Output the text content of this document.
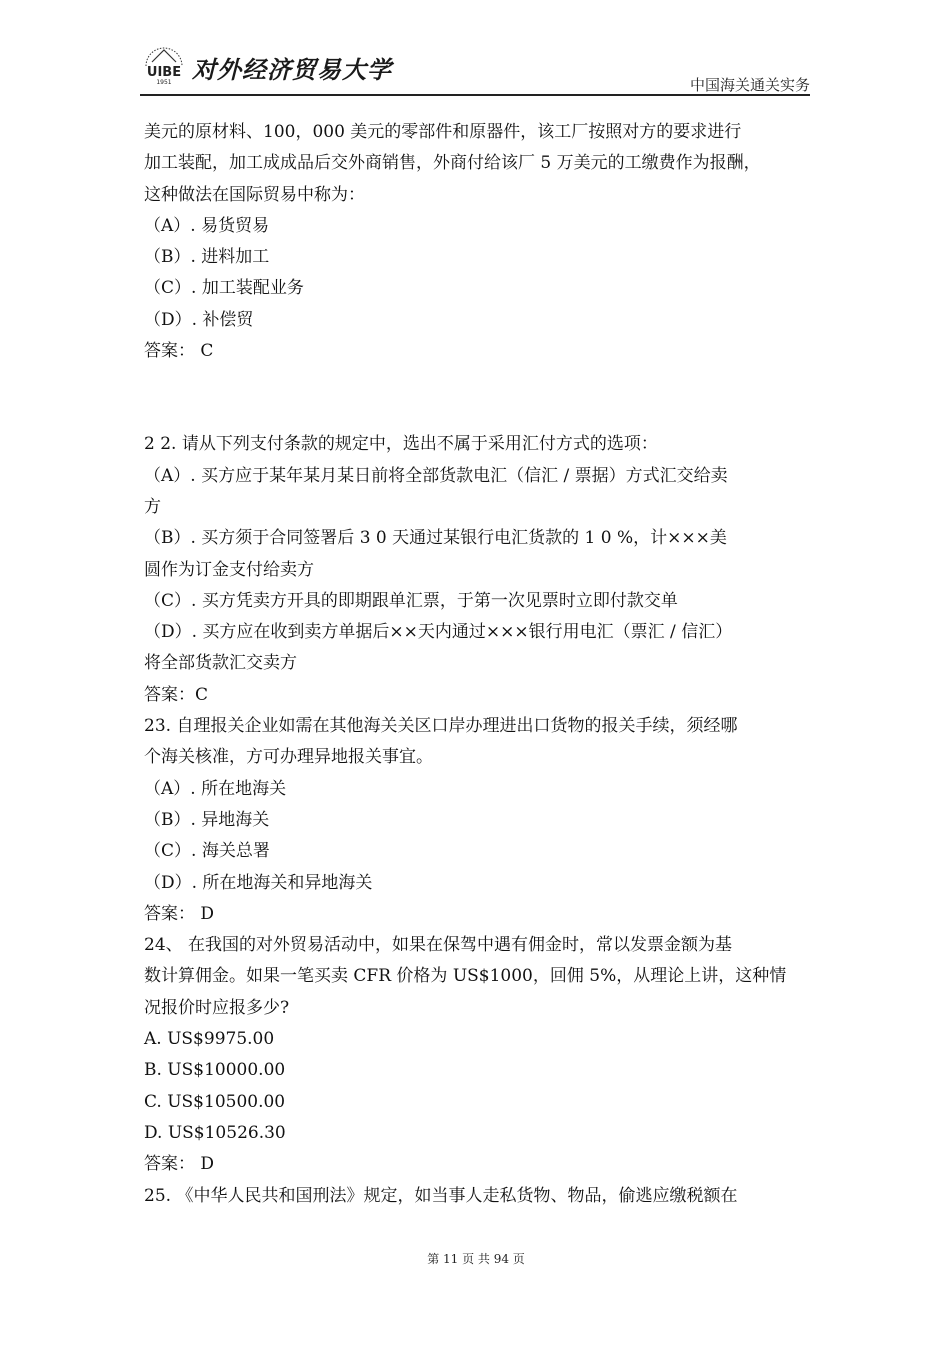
UIBE
1951 对外经济贸易大学
中国海关通关实务
美元的原材料、100，000 美元的零部件和原器件，该工厂按照对方的要求进行
加工装配，加工成成品后交外商销售，外商付给该厂 5 万美元的工缴费作为报酬，
这种做法在国际贸易中称为：
（A）. 易货贸易
（B）. 进料加工
（C）. 加工装配业务
（D）. 补偿贸
答案： C
2 2. 请从下列支付条款的规定中，选出不属于采用汇付方式的选项：
（A）. 买方应于某年某月某日前将全部货款电汇（信汇 / 票据）方式汇交给卖
方
（B）. 买方须于合同签署后 3 0 天通过某银行电汇货款的 1 0 %，计×××美
圆作为订金支付给卖方
（C）. 买方凭卖方开具的即期跟单汇票，于第一次见票时立即付款交单
（D）. 买方应在收到卖方单据后××天内通过×××银行用电汇（票汇 / 信汇）
将全部货款汇交卖方
答案：C
23. 自理报关企业如需在其他海关关区口岸办理进出口货物的报关手续，须经哪
个海关核准，方可办理异地报关事宜。
（A）. 所在地海关
（B）. 异地海关
（C）. 海关总署
（D）. 所在地海关和异地海关
答案： D
24、 在我国的对外贸易活动中，如果在保驾中遇有佣金时，常以发票金额为基
数计算佣金。如果一笔买卖 CFR 价格为 US$1000，回佣 5%，从理论上讲，这种情
况报价时应报多少?
A. US$9975.00
B. US$10000.00
C. US$10500.00
D. US$10526.30
答案： D
25. 《中华人民共和国刑法》规定，如当事人走私货物、物品，偷逃应缴税额在
第 11 页 共 94 页
